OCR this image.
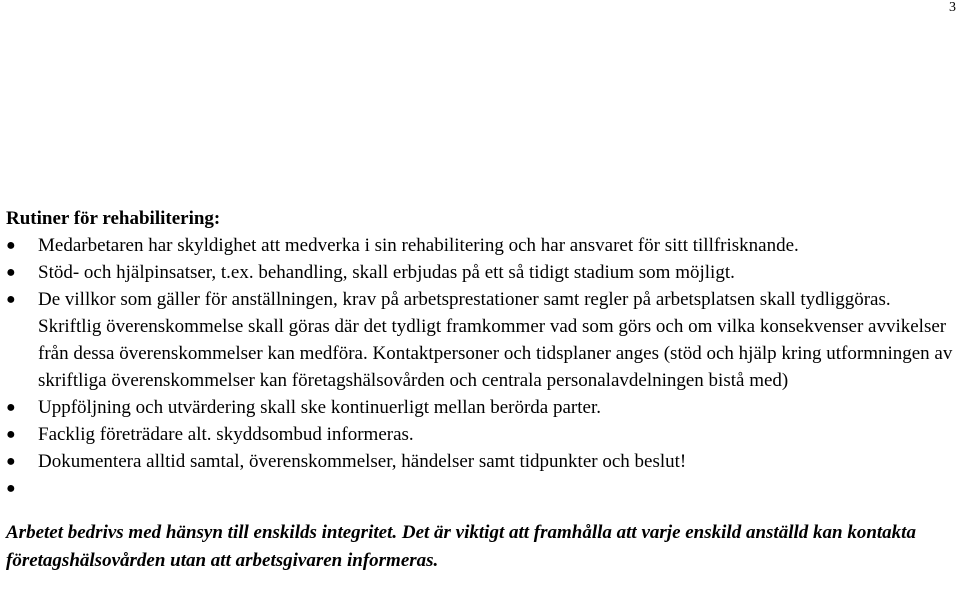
3
Rutiner för rehabilitering:
●	Medarbetaren har skyldighet att medverka i sin rehabilitering och har ansvaret för sitt tillfrisknande.
●	Stöd- och hjälpinsatser, t.ex. behandling, skall erbjudas på ett så tidigt stadium som möjligt.
●	De villkor som gäller för anställningen, krav på arbetsprestationer samt regler på arbetsplatsen skall tydliggöras. Skriftlig överenskommelse skall göras där det tydligt framkommer vad som görs och om vilka konsekvenser avvikelser från dessa överenskommelser kan medföra. Kontaktpersoner och tidsplaner anges (stöd och hjälp kring utformningen av skriftliga överenskommelser kan företagshälsovården och centrala personalavdelningen bistå med)
●	Uppföljning och utvärdering skall ske kontinuerligt mellan berörda parter.
●	Facklig företrädare alt. skyddsombud informeras.
●	Dokumentera alltid samtal, överenskommelser, händelser samt tidpunkter och beslut!
●
Arbetet bedrivs med hänsyn till enskilds integritet. Det är viktigt att framhålla att varje enskild anställd kan kontakta företagshälsovården utan att arbetsgivaren informeras.
